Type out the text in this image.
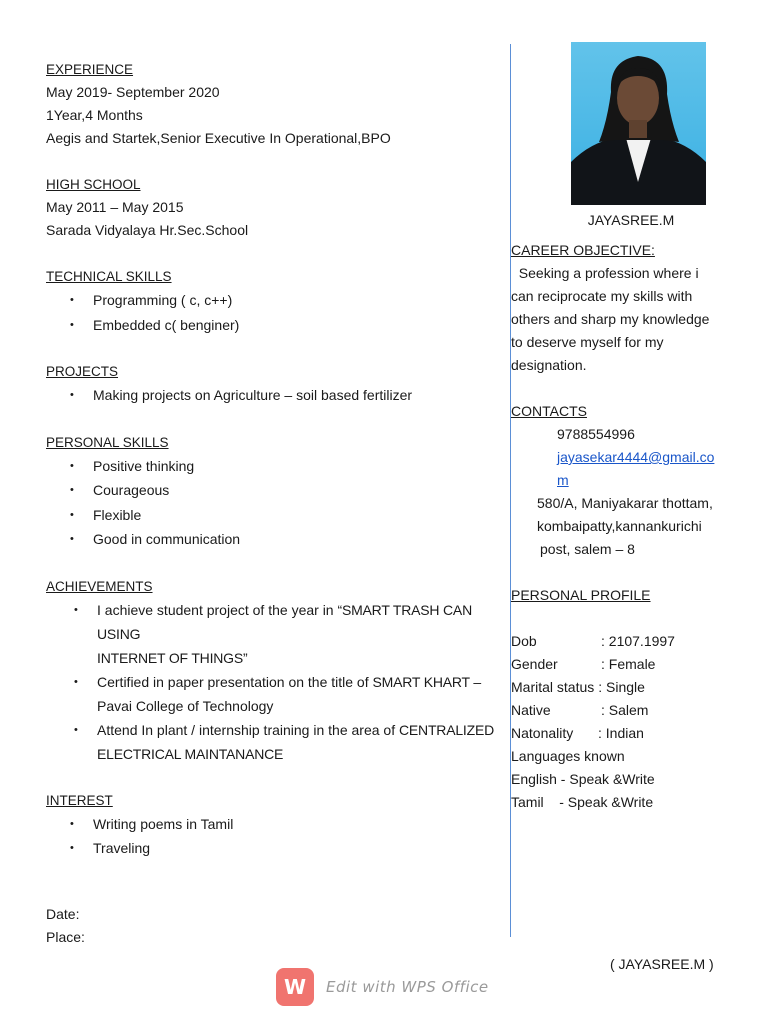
EXPERIENCE

May 2019- September 2020

1Year,4 Months

Aegis and Startek,Senior Executive In Operational,BPO

HIGH SCHOOL

May 2011 – May 2015

Sarada Vidyalaya Hr.Sec.School

TECHNICAL SKILLS

• Programming ( c, c++)
• Embedded c( benginer)

PROJECTS

• Making projects on Agriculture – soil based fertilizer

PERSONAL SKILLS

• Positive thinking
• Courageous
• Flexible
• Good in communication

ACHIEVEMENTS

• I achieve student project of the year in “SMART TRASH CAN USING
INTERNET OF THINGS”
• Certified in paper presentation on the title of SMART KHART –
Pavai College of Technology
• Attend In plant / internship training in the area of CENTRALIZED
ELECTRICAL MAINTANANCE

INTEREST

• Writing poems in Tamil
• Traveling

Date:

Place:

JAYASREE.M

CAREER OBJECTIVE:

Seeking a profession where i

can reciprocate my skills with

others and sharp my knowledge

to deserve myself for my

designation.

CONTACTS

9788554996

jayasekar4444@gmail.co

m

580/A, Maniyakarar thottam,

kombaipatty,kannankurichi

post, salem – 8

PERSONAL PROFILE

Dob	: 2107.1997
Gender	: Female
Marital status : Single
Native	: Salem
Natonality	: Indian

Languages known

English - Speak &Write

Tamil    - Speak &Write

( JAYASREE.M )
W Edit with WPS Office
